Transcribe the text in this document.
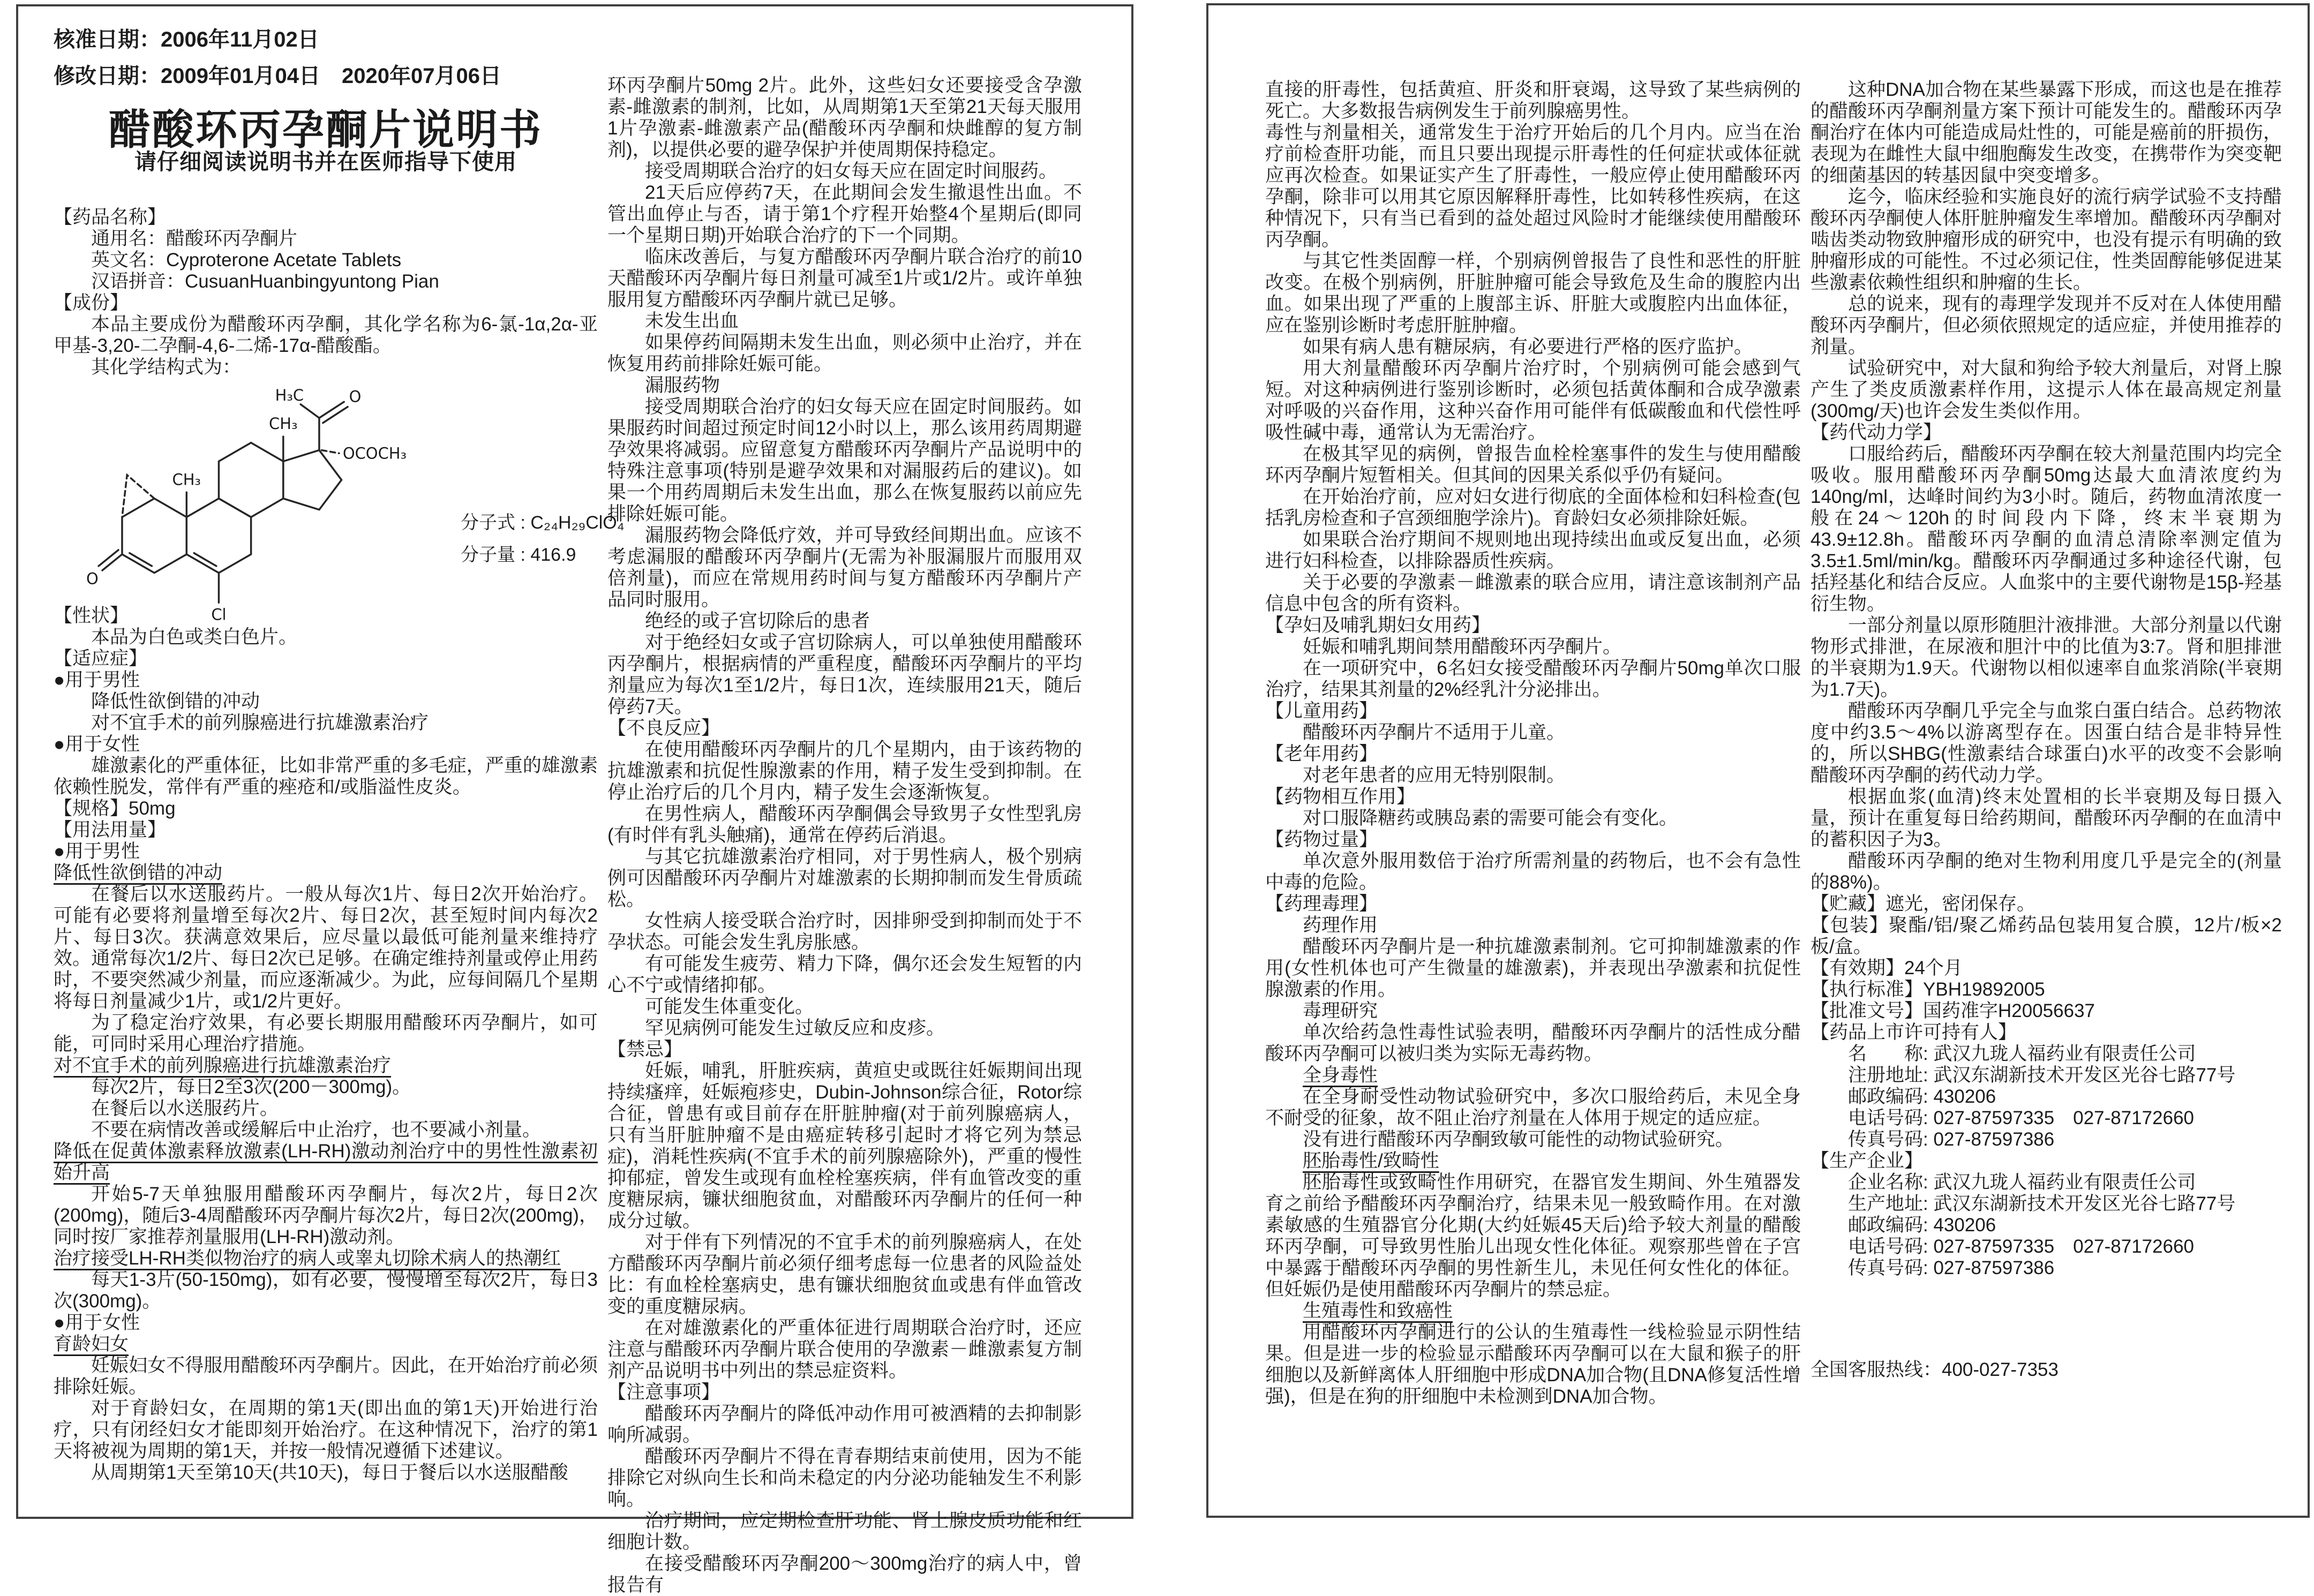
核准日期：2006年11月02日

修改日期：2009年01月04日　2020年07月06日

醋酸环丙孕酮片说明书

请仔细阅读说明书并在医师指导下使用

【药品名称】

通用名：醋酸环丙孕酮片

英文名：Cyproterone Acetate Tablets

汉语拼音：CusuanHuanbingyuntong Pian

【成份】

本品主要成份为醋酸环丙孕酮，其化学名称为6-氯-1α,2α-亚甲基-3,20-二孕酮-4,6-二烯-17α-醋酸酯。

其化学结构式为：

H₃C	O
CH₃
OCOCH₃
CH₃
O
Cl

分子式 : C₂₄H₂₉ClO₄

分子量 : 416.9

【性状】

本品为白色或类白色片。

【适应症】

●用于男性

降低性欲倒错的冲动

对不宜手术的前列腺癌进行抗雄激素治疗

●用于女性

雄激素化的严重体征，比如非常严重的多毛症，严重的雄激素依赖性脱发，常伴有严重的痤疮和/或脂溢性皮炎。

【规格】50mg

【用法用量】

●用于男性

降低性欲倒错的冲动

在餐后以水送服药片。一般从每次1片、每日2次开始治疗。可能有必要将剂量增至每次2片、每日2次，甚至短时间内每次2片、每日3次。获满意效果后，应尽量以最低可能剂量来维持疗效。通常每次1/2片、每日2次已足够。在确定维持剂量或停止用药时，不要突然减少剂量，而应逐渐减少。为此，应每间隔几个星期将每日剂量减少1片，或1/2片更好。

为了稳定治疗效果，有必要长期服用醋酸环丙孕酮片，如可能，可同时采用心理治疗措施。

对不宜手术的前列腺癌进行抗雄激素治疗

每次2片，每日2至3次(200－300mg)。

在餐后以水送服药片。

不要在病情改善或缓解后中止治疗，也不要减小剂量。

降低在促黄体激素释放激素(LH-RH)激动剂治疗中的男性性激素初始升高

开始5-7天单独服用醋酸环丙孕酮片，每次2片，每日2次(200mg)，随后3-4周醋酸环丙孕酮片每次2片，每日2次(200mg)，同时按厂家推荐剂量服用(LH-RH)激动剂。

治疗接受LH-RH类似物治疗的病人或睾丸切除术病人的热潮红

每天1-3片(50-150mg)，如有必要，慢慢增至每次2片，每日3次(300mg)。

●用于女性

育龄妇女

妊娠妇女不得服用醋酸环丙孕酮片。因此，在开始治疗前必须排除妊娠。

对于育龄妇女，在周期的第1天(即出血的第1天)开始进行治疗，只有闭经妇女才能即刻开始治疗。在这种情况下，治疗的第1天将被视为周期的第1天，并按一般情况遵循下述建议。

从周期第1天至第10天(共10天)，每日于餐后以水送服醋酸

环丙孕酮片50mg 2片。此外，这些妇女还要接受含孕激素-雌激素的制剂，比如，从周期第1天至第21天每天服用1片孕激素-雌激素产品(醋酸环丙孕酮和炔雌醇的复方制剂)，以提供必要的避孕保护并使周期保持稳定。

接受周期联合治疗的妇女每天应在固定时间服药。

21天后应停药7天，在此期间会发生撤退性出血。不管出血停止与否，请于第1个疗程开始整4个星期后(即同一个星期日期)开始联合治疗的下一个同期。

临床改善后，与复方醋酸环丙孕酮片联合治疗的前10天醋酸环丙孕酮片每日剂量可减至1片或1/2片。或许单独服用复方醋酸环丙孕酮片就已足够。

未发生出血

如果停药间隔期未发生出血，则必须中止治疗，并在恢复用药前排除妊娠可能。

漏服药物

接受周期联合治疗的妇女每天应在固定时间服药。如果服药时间超过预定时间12小时以上，那么该用药周期避孕效果将减弱。应留意复方醋酸环丙孕酮片产品说明中的特殊注意事项(特别是避孕效果和对漏服药后的建议)。如果一个用药周期后未发生出血，那么在恢复服药以前应先排除妊娠可能。

漏服药物会降低疗效，并可导致经间期出血。应该不考虑漏服的醋酸环丙孕酮片(无需为补服漏服片而服用双倍剂量)，而应在常规用药时间与复方醋酸环丙孕酮片产品同时服用。

绝经的或子宫切除后的患者

对于绝经妇女或子宫切除病人，可以单独使用醋酸环丙孕酮片，根据病情的严重程度，醋酸环丙孕酮片的平均剂量应为每次1至1/2片，每日1次，连续服用21天，随后停药7天。

【不良反应】

在使用醋酸环丙孕酮片的几个星期内，由于该药物的抗雄激素和抗促性腺激素的作用，精子发生受到抑制。在停止治疗后的几个月内，精子发生会逐渐恢复。

在男性病人，醋酸环丙孕酮偶会导致男子女性型乳房(有时伴有乳头触痛)，通常在停药后消退。

与其它抗雄激素治疗相同，对于男性病人，极个别病例可因醋酸环丙孕酮片对雄激素的长期抑制而发生骨质疏松。

女性病人接受联合治疗时，因排卵受到抑制而处于不孕状态。可能会发生乳房胀感。

有可能发生疲劳、精力下降，偶尔还会发生短暂的内心不宁或情绪抑郁。

可能发生体重变化。

罕见病例可能发生过敏反应和皮疹。

【禁忌】

妊娠，哺乳，肝脏疾病，黄疸史或既往妊娠期间出现持续瘙痒，妊娠疱疹史，Dubin-Johnson综合征，Rotor综合征，曾患有或目前存在肝脏肿瘤(对于前列腺癌病人，只有当肝脏肿瘤不是由癌症转移引起时才将它列为禁忌症)，消耗性疾病(不宜手术的前列腺癌除外)，严重的慢性抑郁症，曾发生或现有血栓栓塞疾病，伴有血管改变的重度糖尿病，镰状细胞贫血，对醋酸环丙孕酮片的任何一种成分过敏。

对于伴有下列情况的不宜手术的前列腺癌病人，在处方醋酸环丙孕酮片前必须仔细考虑每一位患者的风险益处比：有血栓栓塞病史，患有镰状细胞贫血或患有伴血管改变的重度糖尿病。

在对雄激素化的严重体征进行周期联合治疗时，还应注意与醋酸环丙孕酮片联合使用的孕激素－雌激素复方制剂产品说明书中列出的禁忌症资料。

【注意事项】

醋酸环丙孕酮片的降低冲动作用可被酒精的去抑制影响所减弱。

醋酸环丙孕酮片不得在青春期结束前使用，因为不能排除它对纵向生长和尚未稳定的内分泌功能轴发生不利影响。

治疗期间，应定期检查肝功能、肾上腺皮质功能和红细胞计数。

在接受醋酸环丙孕酮200～300mg治疗的病人中，曾报告有

直接的肝毒性，包括黄疸、肝炎和肝衰竭，这导致了某些病例的死亡。大多数报告病例发生于前列腺癌男性。

毒性与剂量相关，通常发生于治疗开始后的几个月内。应当在治疗前检查肝功能，而且只要出现提示肝毒性的任何症状或体征就应再次检查。如果证实产生了肝毒性，一般应停止使用醋酸环丙孕酮，除非可以用其它原因解释肝毒性，比如转移性疾病，在这种情况下，只有当已看到的益处超过风险时才能继续使用醋酸环丙孕酮。

与其它性类固醇一样，个别病例曾报告了良性和恶性的肝脏改变。在极个别病例，肝脏肿瘤可能会导致危及生命的腹腔内出血。如果出现了严重的上腹部主诉、肝脏大或腹腔内出血体征，应在鉴别诊断时考虑肝脏肿瘤。

如果有病人患有糖尿病，有必要进行严格的医疗监护。

用大剂量醋酸环丙孕酮片治疗时，个别病例可能会感到气短。对这种病例进行鉴别诊断时，必须包括黄体酮和合成孕激素对呼吸的兴奋作用，这种兴奋作用可能伴有低碳酸血和代偿性呼吸性碱中毒，通常认为无需治疗。

在极其罕见的病例，曾报告血栓栓塞事件的发生与使用醋酸环丙孕酮片短暂相关。但其间的因果关系似乎仍有疑问。

在开始治疗前，应对妇女进行彻底的全面体检和妇科检查(包括乳房检查和子宫颈细胞学涂片)。育龄妇女必须排除妊娠。

如果联合治疗期间不规则地出现持续出血或反复出血，必须进行妇科检查，以排除器质性疾病。

关于必要的孕激素－雌激素的联合应用，请注意该制剂产品信息中包含的所有资料。

【孕妇及哺乳期妇女用药】

妊娠和哺乳期间禁用醋酸环丙孕酮片。

在一项研究中，6名妇女接受醋酸环丙孕酮片50mg单次口服治疗，结果其剂量的2%经乳汁分泌排出。

【儿童用药】

醋酸环丙孕酮片不适用于儿童。

【老年用药】

对老年患者的应用无特别限制。

【药物相互作用】

对口服降糖药或胰岛素的需要可能会有变化。

【药物过量】

单次意外服用数倍于治疗所需剂量的药物后，也不会有急性中毒的危险。

【药理毒理】

药理作用

醋酸环丙孕酮片是一种抗雄激素制剂。它可抑制雄激素的作用(女性机体也可产生微量的雄激素)，并表现出孕激素和抗促性腺激素的作用。

毒理研究

单次给药急性毒性试验表明，醋酸环丙孕酮片的活性成分醋酸环丙孕酮可以被归类为实际无毒药物。

全身毒性

在全身耐受性动物试验研究中，多次口服给药后，未见全身不耐受的征象，故不阻止治疗剂量在人体用于规定的适应症。

没有进行醋酸环丙孕酮致敏可能性的动物试验研究。

胚胎毒性/致畸性

胚胎毒性或致畸性作用研究，在器官发生期间、外生殖器发育之前给予醋酸环丙孕酮治疗，结果未见一般致畸作用。在对激素敏感的生殖器官分化期(大约妊娠45天后)给予较大剂量的醋酸环丙孕酮，可导致男性胎儿出现女性化体征。观察那些曾在子宫中暴露于醋酸环丙孕酮的男性新生儿，未见任何女性化的体征。但妊娠仍是使用醋酸环丙孕酮片的禁忌症。

生殖毒性和致癌性

用醋酸环丙孕酮进行的公认的生殖毒性一线检验显示阴性结果。但是进一步的检验显示醋酸环丙孕酮可以在大鼠和猴子的肝细胞以及新鲜离体人肝细胞中形成DNA加合物(且DNA修复活性增强)，但是在狗的肝细胞中未检测到DNA加合物。

这种DNA加合物在某些暴露下形成，而这也是在推荐的醋酸环丙孕酮剂量方案下预计可能发生的。醋酸环丙孕酮治疗在体内可能造成局灶性的，可能是癌前的肝损伤，表现为在雌性大鼠中细胞酶发生改变，在携带作为突变靶的细菌基因的转基因鼠中突变增多。

迄今，临床经验和实施良好的流行病学试验不支持醋酸环丙孕酮使人体肝脏肿瘤发生率增加。醋酸环丙孕酮对啮齿类动物致肿瘤形成的研究中，也没有提示有明确的致肿瘤形成的可能性。不过必须记住，性类固醇能够促进某些激素依赖性组织和肿瘤的生长。

总的说来，现有的毒理学发现并不反对在人体使用醋酸环丙孕酮片，但必须依照规定的适应症，并使用推荐的剂量。

试验研究中，对大鼠和狗给予较大剂量后，对肾上腺产生了类皮质激素样作用，这提示人体在最高规定剂量(300mg/天)也许会发生类似作用。

【药代动力学】

口服给药后，醋酸环丙孕酮在较大剂量范围内均完全吸收。服用醋酸环丙孕酮50mg达最大血清浓度约为140ng/ml，达峰时间约为3小时。随后，药物血清浓度一般在24～120h的时间段内下降，终末半衰期为43.9±12.8h。醋酸环丙孕酮的血清总清除率测定值为3.5±1.5ml/min/kg。醋酸环丙孕酮通过多种途径代谢，包括羟基化和结合反应。人血浆中的主要代谢物是15β-羟基衍生物。

一部分剂量以原形随胆汁液排泄。大部分剂量以代谢物形式排泄，在尿液和胆汁中的比值为3:7。肾和胆排泄的半衰期为1.9天。代谢物以相似速率自血浆消除(半衰期为1.7天)。

醋酸环丙孕酮几乎完全与血浆白蛋白结合。总药物浓度中约3.5～4%以游离型存在。因蛋白结合是非特异性的，所以SHBG(性激素结合球蛋白)水平的改变不会影响醋酸环丙孕酮的药代动力学。

根据血浆(血清)终末处置相的长半衰期及每日摄入量，预计在重复每日给药期间，醋酸环丙孕酮的在血清中的蓄积因子为3。

醋酸环丙孕酮的绝对生物利用度几乎是完全的(剂量的88%)。

【贮藏】遮光，密闭保存。

【包装】聚酯/铝/聚乙烯药品包装用复合膜，12片/板×2板/盒。

【有效期】24个月

【执行标准】YBH19892005

【批准文号】国药准字H20056637

【药品上市许可持有人】

名　　称: 武汉九珑人福药业有限责任公司

注册地址: 武汉东湖新技术开发区光谷七路77号

邮政编码: 430206

电话号码: 027-87597335　027-87172660

传真号码: 027-87597386

【生产企业】

企业名称: 武汉九珑人福药业有限责任公司

生产地址: 武汉东湖新技术开发区光谷七路77号

邮政编码: 430206

电话号码: 027-87597335　027-87172660

传真号码: 027-87597386

全国客服热线：400-027-7353
